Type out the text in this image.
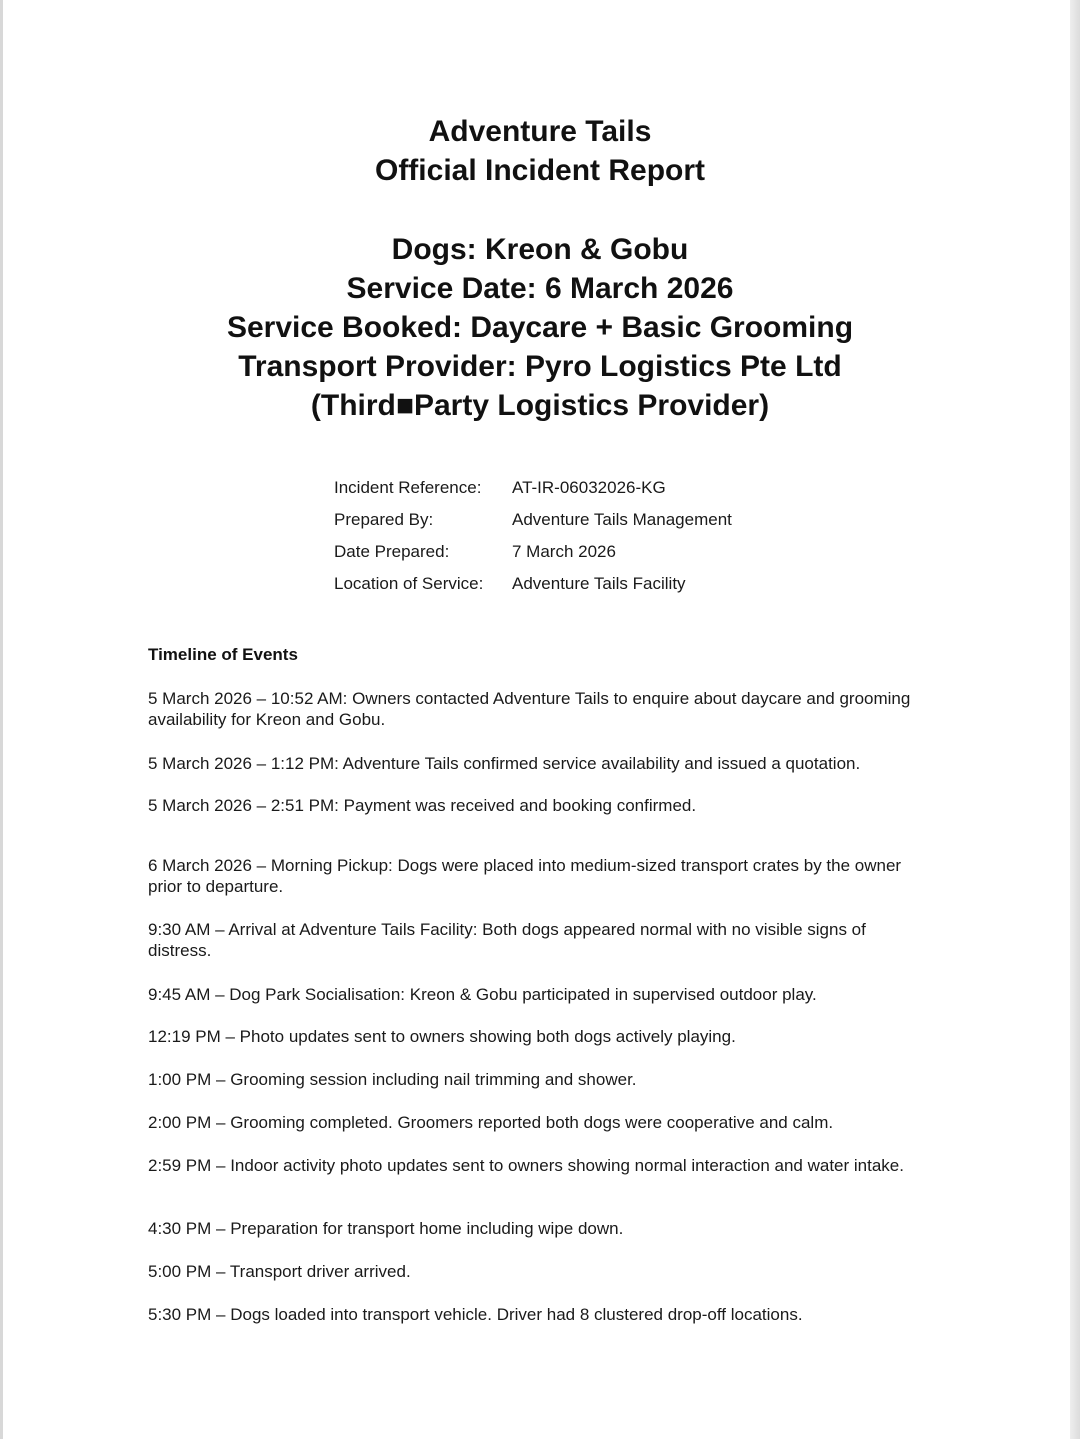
Adventure Tails
Official Incident Report
Dogs: Kreon & Gobu
Service Date: 6 March 2026
Service Booked: Daycare + Basic Grooming
Transport Provider: Pyro Logistics Pte Ltd
(Third■Party Logistics Provider)
Incident Reference:	AT-IR-06032026-KG
Prepared By:	Adventure Tails Management
Date Prepared:	7 March 2026
Location of Service:	Adventure Tails Facility
Timeline of Events
5 March 2026 – 10:52 AM: Owners contacted Adventure Tails to enquire about daycare and grooming availability for Kreon and Gobu.
5 March 2026 – 1:12 PM: Adventure Tails confirmed service availability and issued a quotation.
5 March 2026 – 2:51 PM: Payment was received and booking confirmed.
6 March 2026 – Morning Pickup: Dogs were placed into medium-sized transport crates by the owner prior to departure.
9:30 AM – Arrival at Adventure Tails Facility: Both dogs appeared normal with no visible signs of distress.
9:45 AM – Dog Park Socialisation: Kreon & Gobu participated in supervised outdoor play.
12:19 PM – Photo updates sent to owners showing both dogs actively playing.
1:00 PM – Grooming session including nail trimming and shower.
2:00 PM – Grooming completed. Groomers reported both dogs were cooperative and calm.
2:59 PM – Indoor activity photo updates sent to owners showing normal interaction and water intake.
4:30 PM – Preparation for transport home including wipe down.
5:00 PM – Transport driver arrived.
5:30 PM – Dogs loaded into transport vehicle. Driver had 8 clustered drop-off locations.
